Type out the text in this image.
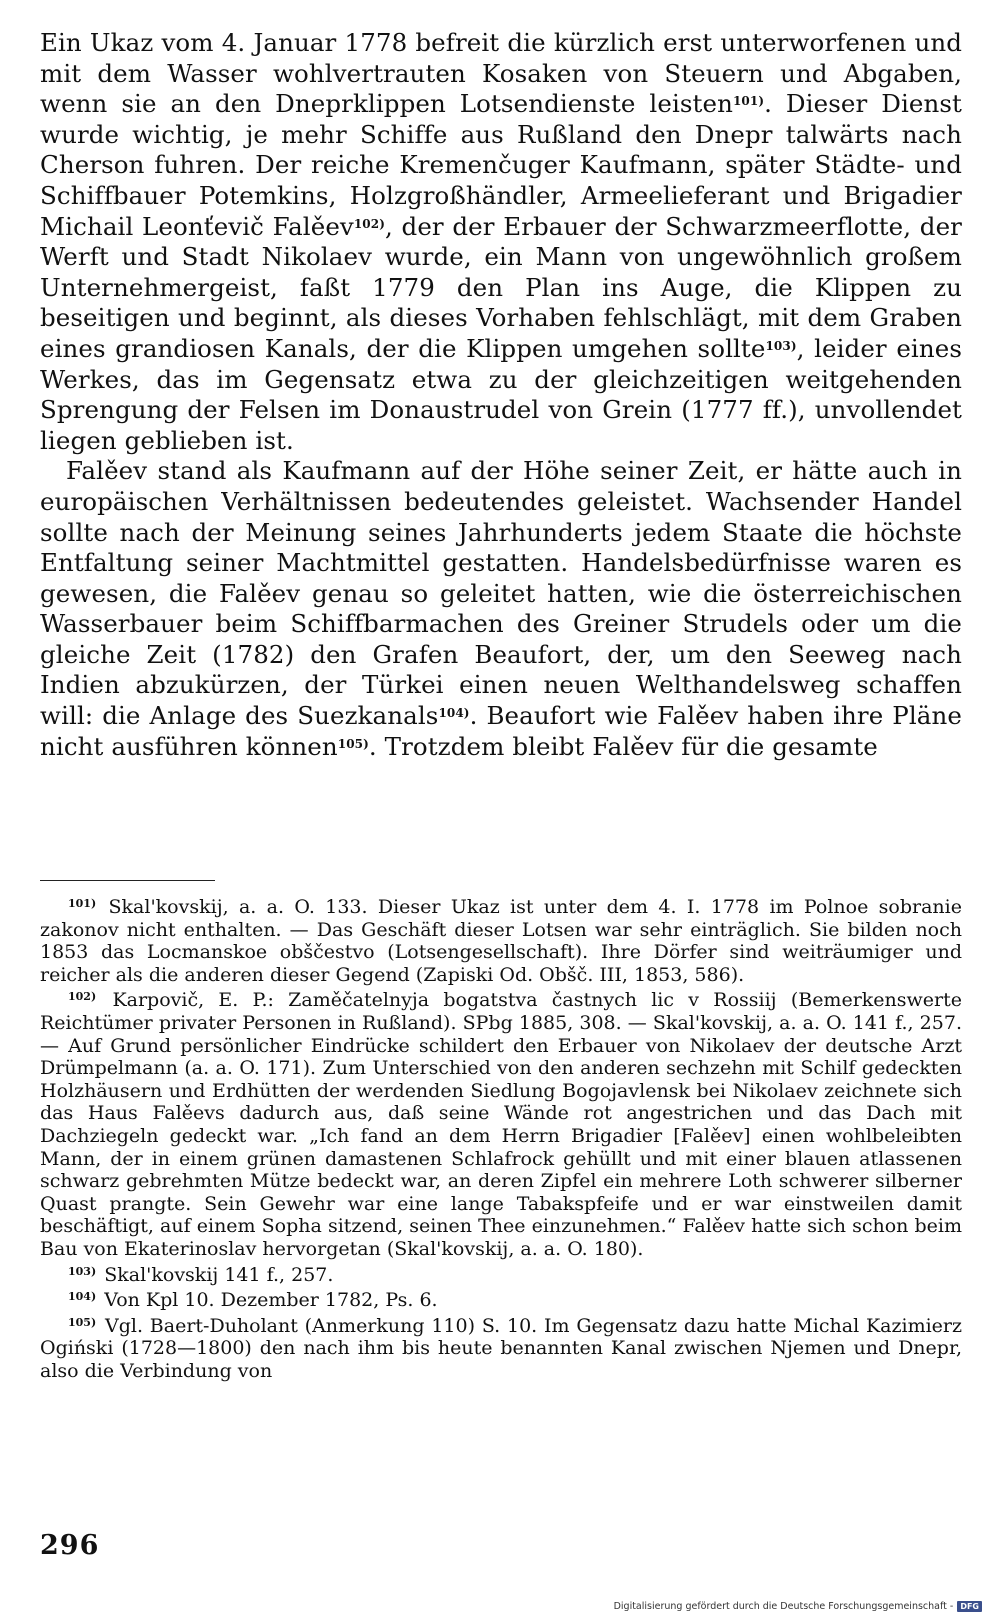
Ein Ukaz vom 4. Januar 1778 befreit die kürzlich erst unterworfenen und mit dem Wasser wohlvertrauten Kosaken von Steuern und Abgaben, wenn sie an den Dneprklippen Lotsendienste leisten$^{101)}$. Dieser Dienst wurde wichtig, je mehr Schiffe aus Rußland den Dnepr talwärts nach Cherson fuhren. Der reiche Kremenčuger Kaufmann, später Städte- und Schiffbauer Potemkins, Holzgroßhändler, Armeelieferant und Brigadier Michail Leonťevič Falěev$^{102)}$, der der Erbauer der Schwarzmeerflotte, der Werft und Stadt Nikolaev wurde, ein Mann von ungewöhnlich großem Unternehmergeist, faßt 1779 den Plan ins Auge, die Klippen zu beseitigen und beginnt, als dieses Vorhaben fehlschlägt, mit dem Graben eines grandiosen Kanals, der die Klippen umgehen sollte$^{103)}$, leider eines Werkes, das im Gegensatz etwa zu der gleichzeitigen weitgehenden Sprengung der Felsen im Donaustrudel von Grein (1777 ff.), unvollendet liegen geblieben ist.

Falěev stand als Kaufmann auf der Höhe seiner Zeit, er hätte auch in europäischen Verhältnissen bedeutendes geleistet. Wachsender Handel sollte nach der Meinung seines Jahrhunderts jedem Staate die höchste Entfaltung seiner Machtmittel gestatten. Handelsbedürfnisse waren es gewesen, die Falěev genau so geleitet hatten, wie die österreichischen Wasserbauer beim Schiffbarmachen des Greiner Strudels oder um die gleiche Zeit (1782) den Grafen Beaufort, der, um den Seeweg nach Indien abzukürzen, der Türkei einen neuen Welthandelsweg schaffen will: die Anlage des Suezkanals$^{104)}$. Beaufort wie Falěev haben ihre Pläne nicht ausführen können$^{105)}$. Trotzdem bleibt Falěev für die gesamte

$^{101)}$ Skal'kovskij, a. a. O. 133. Dieser Ukaz ist unter dem 4. I. 1778 im Polnoe sobranie zakonov nicht enthalten. — Das Geschäft dieser Lotsen war sehr einträglich. Sie bilden noch 1853 das Locmanskoe obščestvo (Lotsengesellschaft). Ihre Dörfer sind weiträumiger und reicher als die anderen dieser Gegend (Zapiski Od. Obšč. III, 1853, 586).

$^{102)}$ Karpovič, E. P.: Zaměčatelnyja bogatstva častnych lic v Rossiij (Bemerkenswerte Reichtümer privater Personen in Rußland). SPbg 1885, 308. — Skal'kovskij, a. a. O. 141 f., 257. — Auf Grund persönlicher Eindrücke schildert den Erbauer von Nikolaev der deutsche Arzt Drümpelmann (a. a. O. 171). Zum Unterschied von den anderen sechzehn mit Schilf gedeckten Holzhäusern und Erdhütten der werdenden Siedlung Bogojavlensk bei Nikolaev zeichnete sich das Haus Falěevs dadurch aus, daß seine Wände rot angestrichen und das Dach mit Dachziegeln gedeckt war. „Ich fand an dem Herrn Brigadier [Falěev] einen wohlbeleibten Mann, der in einem grünen damastenen Schlafrock gehüllt und mit einer blauen atlassenen schwarz gebrehmten Mütze bedeckt war, an deren Zipfel ein mehrere Loth schwerer silberner Quast prangte. Sein Gewehr war eine lange Tabakspfeife und er war einstweilen damit beschäftigt, auf einem Sopha sitzend, seinen Thee einzunehmen.“ Falěev hatte sich schon beim Bau von Ekaterinoslav hervorgetan (Skal'kovskij, a. a. O. 180).

$^{103)}$ Skal'kovskij 141 f., 257.

$^{104)}$ Von Kpl 10. Dezember 1782, Ps. 6.

$^{105)}$ Vgl. Baert-Duholant (Anmerkung 110) S. 10. Im Gegensatz dazu hatte Michal Kazimierz Ogiński (1728—1800) den nach ihm bis heute benannten Kanal zwischen Njemen und Dnepr, also die Verbindung von

296
Digitalisierung gefördert durch die Deutsche Forschungsgemeinschaft - DFG
